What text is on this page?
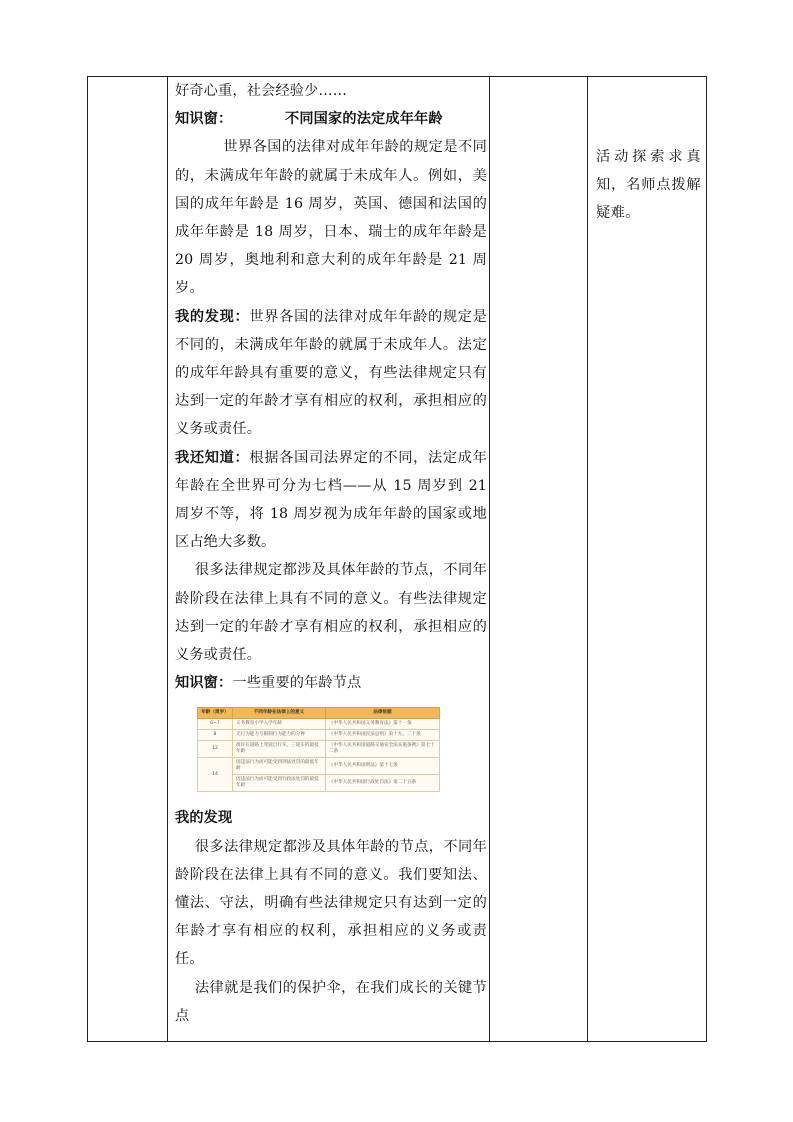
好奇心重，社会经验少……

知识窗：	不同国家的法定成年年龄

世界各国的法律对成年年龄的规定是不同的，未满成年年龄的就属于未成年人。例如，美国的成年年龄是 16 周岁，英国、德国和法国的成年年龄是 18 周岁，日本、瑞士的成年年龄是 20 周岁，奥地利和意大利的成年年龄是 21 周岁。

我的发现：世界各国的法律对成年年龄的规定是不同的，未满成年年龄的就属于未成年人。法定的成年年龄具有重要的意义，有些法律规定只有达到一定的年龄才享有相应的权利，承担相应的义务或责任。

我还知道：根据各国司法界定的不同，法定成年年龄在全世界可分为七档——从 15 周岁到 21 周岁不等，将 18 周岁视为成年年龄的国家或地区占绝大多数。

很多法律规定都涉及具体年龄的节点，不同年龄阶段在法律上具有不同的意义。有些法律规定达到一定的年龄才享有相应的权利，承担相应的义务或责任。

知识窗：一些重要的年龄节点

年龄（周岁）	不同年龄在法律上的意义	法律依据
6~7	义务教育小学入学年龄	《中华人民共和国义务教育法》第十一条
8	无行为能力与限制行为能力的分界	《中华人民共和国民法总则》第十九、二十条
12	准许在道路上驾驶自行车、三轮车的最低年龄	《中华人民共和国道路交通安全法实施条例》第七十二条
14	因违法行为而可能受到刑法处罚的最低年龄	《中华人民共和国刑法》第十七条
	因违法行为而可能受到行政法处罚的最低年龄	《中华人民共和国行政处罚法》第二十五条

我的发现

很多法律规定都涉及具体年龄的节点，不同年龄阶段在法律上具有不同的意义。我们要知法、懂法、守法，明确有些法律规定只有达到一定的年龄才享有相应的权利，承担相应的义务或责任。

法律就是我们的保护伞，在我们成长的关键节点

活动探索求真知，名师点拨解疑难。
